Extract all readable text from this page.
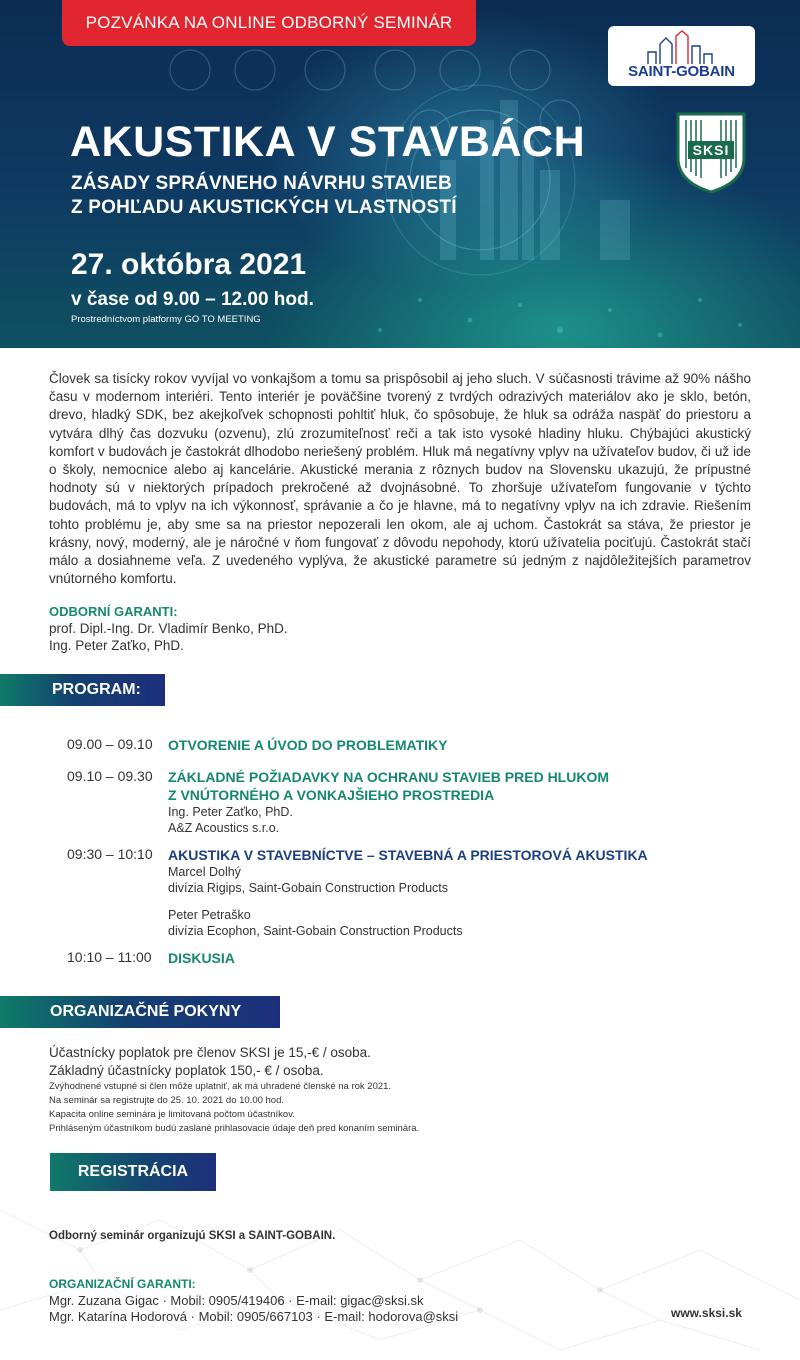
POZVÁNKA NA ONLINE ODBORNÝ SEMINÁR
SAINT-GOBAIN
SKSI
AKUSTIKA V STAVBÁCH
ZÁSADY SPRÁVNEHO NÁVRHU STAVIEB
Z POHĽADU AKUSTICKÝCH VLASTNOSTÍ
27. októbra 2021
v čase od 9.00 – 12.00 hod.
Prostredníctvom platformy GO TO MEETING

Človek sa tisícky rokov vyvíjal vo vonkajšom a tomu sa prispôsobil aj jeho sluch. V súčasnosti trávime až 90% nášho času v modernom interiéri. Tento interiér je poväčšine tvorený z tvrdých odrazivých materiálov ako je sklo, betón, drevo, hladký SDK, bez akejkoľvek schopnosti pohltiť hluk, čo spôsobuje, že hluk sa odráža naspäť do priestoru a vytvára dlhý čas dozvuku (ozvenu), zlú zrozumiteľnosť reči a tak isto vysoké hladiny hluku. Chýbajúci akustický komfort v budovách je častokrát dlhodobo neriešený problém. Hluk má negatívny vplyv na užívateľov budov, či už ide o školy, nemocnice alebo aj kancelárie. Akustické merania z rôznych budov na Slovensku ukazujú, že prípustné hodnoty sú v niektorých prípadoch prekročené až dvojnásobné. To zhoršuje užívateľom fungovanie v týchto budovách, má to vplyv na ich výkonnosť, správanie a čo je hlavne, má to negatívny vplyv na ich zdravie. Riešením tohto problému je, aby sme sa na priestor nepozerali len okom, ale aj uchom. Častokrát sa stáva, že priestor je krásny, nový, moderný, ale je náročné v ňom fungovať z dôvodu nepohody, ktorú užívatelia pociťujú. Častokrát stačí málo a dosiahneme veľa. Z uvedeného vyplýva, že akustické parametre sú jedným z najdôležitejších parametrov vnútorného komfortu.

ODBORNÍ GARANTI:
prof. Dipl.-Ing. Dr. Vladimír Benko, PhD.
Ing. Peter Zaťko, PhD.
PROGRAM:
09.00 – 09.10	OTVORENIE A ÚVOD DO PROBLEMATIKY
09.10 – 09.30	ZÁKLADNÉ POŽIADAVKY NA OCHRANU STAVIEB PRED HLUKOM
Z VNÚTORNÉHO A VONKAJŠIEHO PROSTREDIA
Ing. Peter Zaťko, PhD.
A&Z Acoustics s.r.o.
09:30 – 10:10	AKUSTIKA V STAVEBNÍCTVE – STAVEBNÁ A PRIESTOROVÁ AKUSTIKA
Marcel Dolhý
divízia Rigips, Saint-Gobain Construction Products
Peter Petraško
divízia Ecophon, Saint-Gobain Construction Products
10:10 – 11:00	DISKUSIA
ORGANIZAČNÉ POKYNY
Účastnícky poplatok pre členov SKSI je 15,-€ / osoba.
Základný účastnícky poplatok 150,- € / osoba.
Zvýhodnené vstupné si člen môže uplatniť, ak má uhradené členské na rok 2021.
Na seminár sa registrujte do 25. 10. 2021 do 10.00 hod.
Kapacita online seminára je limitovaná počtom účastníkov.
Prihláseným účastníkom budú zaslané prihlasovacie údaje deň pred konaním seminára.
REGISTRÁCIA
Odborný seminár organizujú SKSI a SAINT-GOBAIN.
ORGANIZAČNÍ GARANTI:
Mgr. Zuzana Gigac · Mobil: 0905/419406 · E-mail: gigac@sksi.sk
Mgr. Katarína Hodorová · Mobil: 0905/667103 · E-mail: hodorova@sksi	www.sksi.sk
